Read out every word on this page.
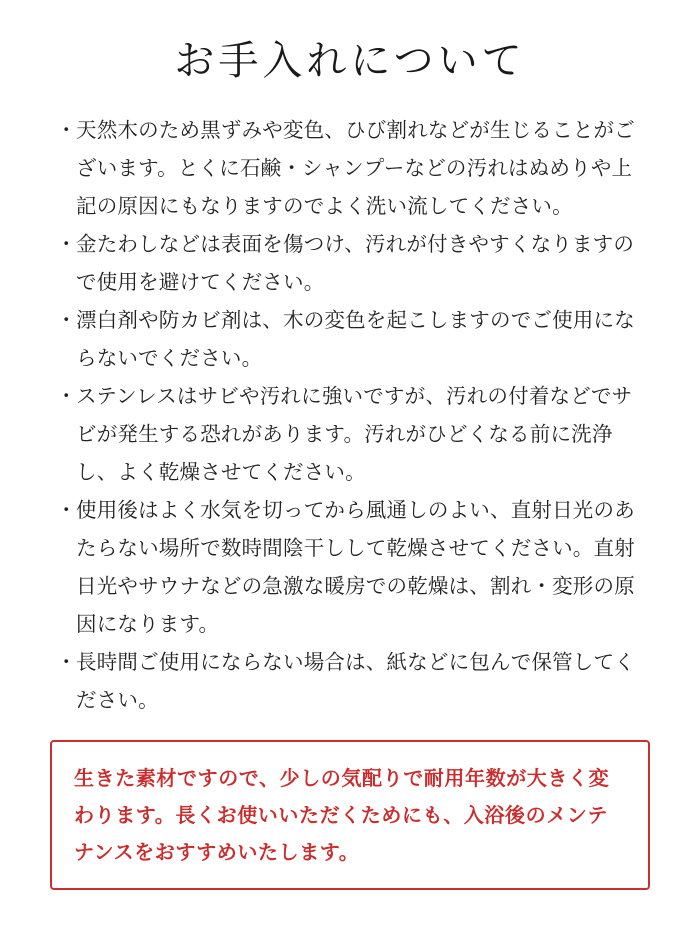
お手入れについて
・ 天然木のため黒ずみや変色、ひび割れなどが生じることがございます。とくに石鹸・シャンプーなどの汚れはぬめりや上記の原因にもなりますのでよく洗い流してください。
・ 金たわしなどは表面を傷つけ、汚れが付きやすくなりますので使用を避けてください。
・ 漂白剤や防カビ剤は、木の変色を起こしますのでご使用にならないでください。
・ ステンレスはサビや汚れに強いですが、汚れの付着などでサビが発生する恐れがあります。汚れがひどくなる前に洗浄し、よく乾燥させてください。
・ 使用後はよく水気を切ってから風通しのよい、直射日光のあたらない場所で数時間陰干しして乾燥させてください。直射日光やサウナなどの急激な暖房での乾燥は、割れ・変形の原因になります。
・ 長時間ご使用にならない場合は、紙などに包んで保管してください。

生きた素材ですので、少しの気配りで耐用年数が大きく変わります。長くお使いいただくためにも、入浴後のメンテナンスをおすすめいたします。
